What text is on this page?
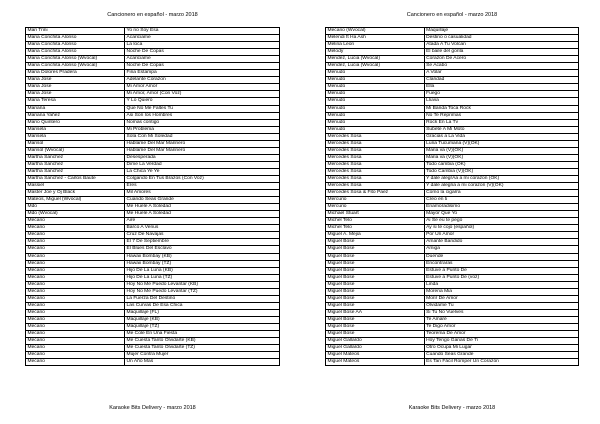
Cancionero en español - marzo 2018
Mari Trini	Yo no Soy Esa
Maria Conchita Alonso	Acariciame
Maria Conchita Alonso	La loca
Maria Conchita Alonso	Noche De Copas
Maria Conchita Alonso (Wvocal)	Acariciame
Maria Conchita Alonso (Wvocal)	Noche De Copas
Maria Dolores Pradera	Fina Estampa
Maria Jose	Adelante Corazon
Maria Jose	Mi Amor Amor
Maria Jose	Mi Amor, Amor (Con Voz)
Maria Teresa	Y Lo Quiero
Mariana	Que No Me Faltes Tu
Mariana Yañez	Asi Son los Hombres
Mario Quintero	Nomas contigo
Marisela	Mi Problema
Marisela	Sola Con Mi Soledad
Marisol	Hablame Del Mar Marinero
Marisol (Wvocal)	Hablame Del Mar Marinero
Martha Sanchez	Desesperada
Martha Sanchez	Dime La Verdad
Martha Sanchez	La Chica Ye Ye
Martha Sanchez - Carlos Baute	Colgando En Tus Brazos (Con Voz)
Massiel	Eres
Master Joe y Oj Black	Mil Amores
Mateos, Miguel (Wvocal)	Cuando Seas Grande
Mdo	Me Huele A Soledad
Mdo (Wvocal)	Me Huele A Soledad
Mecano	Aire
Mecano	Barco A Venus
Mecano	Cruz De Navajas
Mecano	El 7 De Septiembre
Mecano	El Blues Del Esclavo
Mecano	Hawaii Bombay (KB)
Mecano	Hawaii Bombay (TZ)
Mecano	Hijo De La Luna (KB)
Mecano	Hijo De La Luna (TZ)
Mecano	Hoy No Me Puedo Levantar (KB)
Mecano	Hoy No Me Puedo Levantar (TZ)
Mecano	La Fuerza Del Destino
Mecano	Las Curvas De Esa Chica
Mecano	Maquillaje (FL)
Mecano	Maquillaje (KB)
Mecano	Maquillaje (TZ)
Mecano	Me Cole En Una Fiesta
Mecano	Me Cuesta Tanto Olvidarte (KB)
Mecano	Me Cuesta Tanto Olvidarte (TZ)
Mecano	Mujer Contra Mujer
Mecano	Un Año Mas
Karaoke Bits Delivery - marzo 2018
Cancionero en español - marzo 2018
Mecano (Wvocal)	Maquillaje
Melendi ft Ha Ash	Destino o casualidad
Melina Leon	Atada A Tu Volcan
Melody	El baile del gorila
Mendez, Lucia (Wvocal)	Corazon De Acero
Mendez, Lucia (Wvocal)	Se Acabo
Menudo	A Volar
Menudo	Claridad
Menudo	Ella
Menudo	Fuego
Menudo	Lluvia
Menudo	Mi Banda Toca Rock
Menudo	No Te Reprimas
Menudo	Rock En La Tv
Menudo	Subete A Mi Moto
Mercedes Sosa	Gracias a La Vida
Mercedes Sosa	Luna Tucumana (V)(OK)
Mercedes Sosa	Maria va (V)(OK)
Mercedes Sosa	Maria va (V)(OK)
Mercedes Sosa	Todo cambia (OK)
Mercedes Sosa	Todo Cambia (V)(OK)
Mercedes Sosa	Y dale alegrÃa a mi corazon (OK)
Mercedes Sosa	Y dale alegria a mi corazon (V)(OK)
Mercedes Sosa & Fito Paez	Como la cigarra
Mercurio	Creo en ti
Mercurio	Enamoradisimo
Michael Stuart	Mayor Que Yo
Michel Telo	Ai Se eu te pego
Michel Telo	Ay si te cojo (español)
Miguel A. Mejia	Por Un Amor
Miguel Bose	Amante Bandido
Miguel Bose	Amiga
Miguel Bose	Duende
Miguel Bose	Encontraras
Miguel Bose	Estuve a Punto De
Miguel Bose	Estuve a Punto De (voz)
Miguel Bose	Linda
Miguel Bose	Morena Mia
Miguel Bose	Morir De Amor
Miguel Bose	Olvidame Tu
Miguel Bose AA	Si Tu No Vuelves
Miguel Bose	Te Amaré
Miguel Bose	Te Digo Amor
Miguel Bose	Teorema De Amor
Miguel Gallardo	Hoy Tengo Ganas De Ti
Miguel Gallardo	Otro Ocupa Mi Lugar
Miguel Mateos	Cuando Seas Grande
Miguel Mateos	Es Tan Fácil Romper Un Corazón
Karaoke Bits Delivery - marzo 2018
